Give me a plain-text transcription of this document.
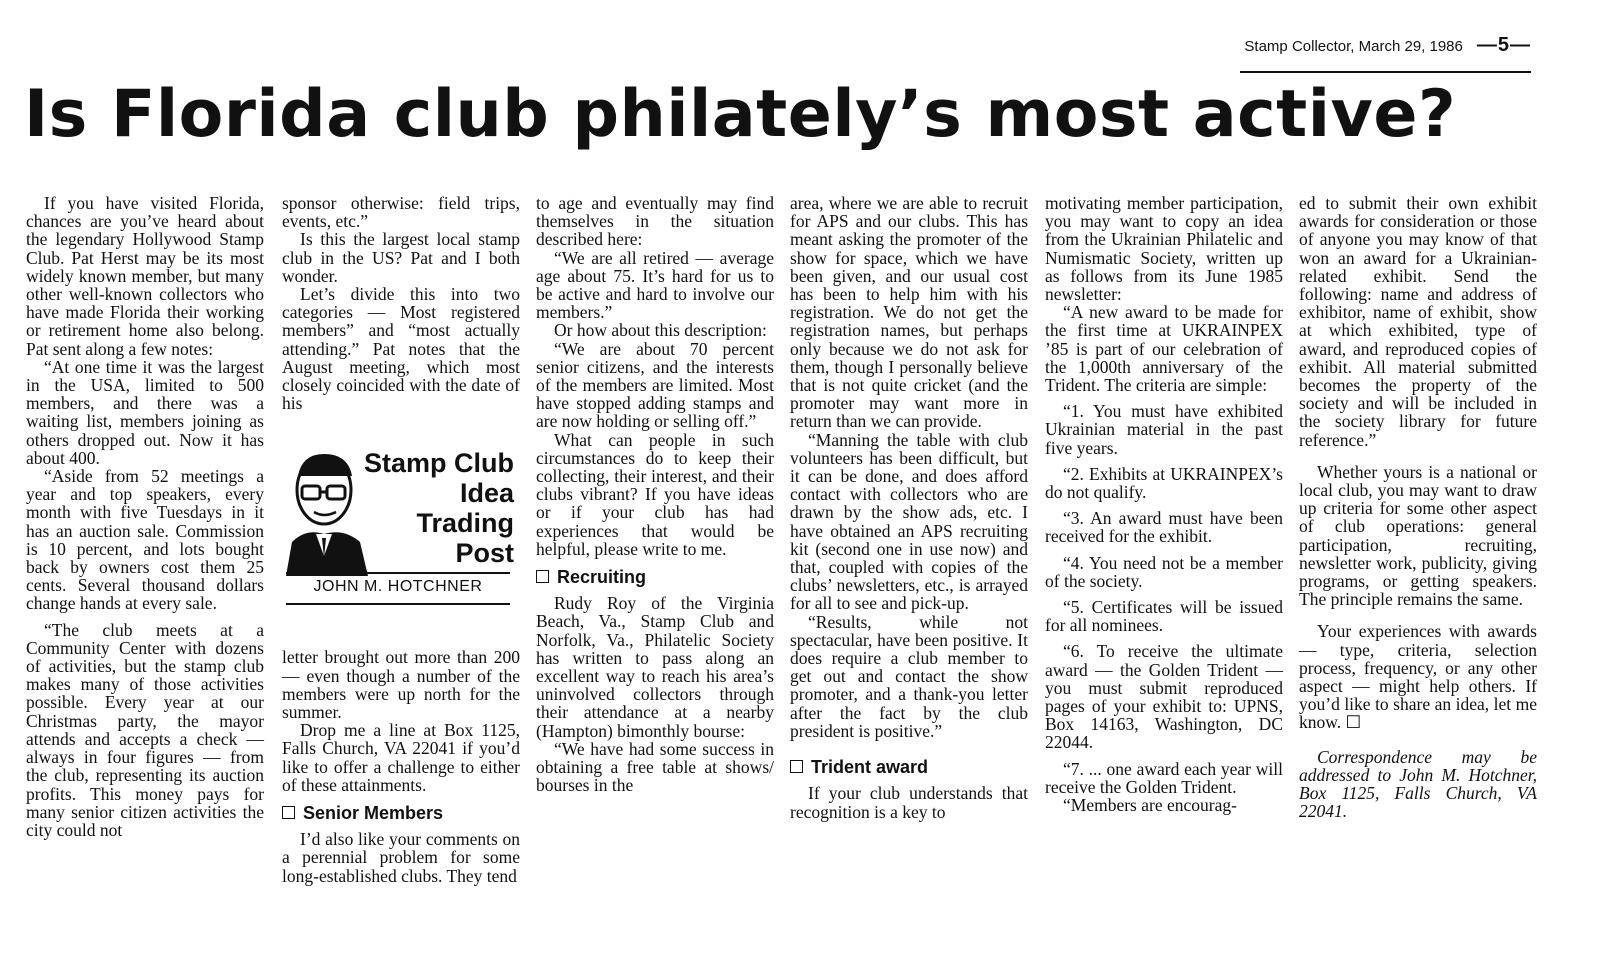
Stamp Collector, March 29, 1986 —5—
Is Florida club philately’s most active?

If you have visited Florida, chances are you’ve heard about the legendary Hollywood Stamp Club. Pat Herst may be its most widely known member, but many other well-known collectors who have made Florida their working or retirement home also belong. Pat sent along a few notes:

“At one time it was the largest in the USA, limited to 500 members, and there was a waiting list, members joining as others dropped out. Now it has about 400.

“Aside from 52 meetings a year and top speakers, every month with five Tuesdays in it has an auction sale. Commission is 10 percent, and lots bought back by owners cost them 25 cents. Several thousand dollars change hands at every sale.

“The club meets at a Community Center with dozens of activities, but the stamp club makes many of those activities possible. Every year at our Christmas party, the mayor attends and accepts a check — always in four figures — from the club, representing its auction profits. This money pays for many senior citizen activities the city could not

sponsor otherwise: field trips, events, etc.”

Is this the largest local stamp club in the US? Pat and I both wonder.

Let’s divide this into two categories — Most registered members” and “most actually attending.” Pat notes that the August meeting, which most closely coincided with the date of his

Stamp Club
Idea
Trading
Post
JOHN M. HOTCHNER

letter brought out more than 200 — even though a number of the members were up north for the summer.

Drop me a line at Box 1125, Falls Church, VA 22041 if you’d like to offer a challenge to either of these attainments.

Senior Members

I’d also like your comments on a perennial problem for some long-established clubs. They tend

to age and eventually may find themselves in the situation described here:

“We are all retired — average age about 75. It’s hard for us to be active and hard to involve our members.”

Or how about this description:

“We are about 70 percent senior citizens, and the interests of the members are limited. Most have stopped adding stamps and are now holding or selling off.”

What can people in such circumstances do to keep their collecting, their interest, and their clubs vibrant? If you have ideas or if your club has had experiences that would be helpful, please write to me.

Recruiting

Rudy Roy of the Virginia Beach, Va., Stamp Club and Norfolk, Va., Philatelic Society has written to pass along an excellent way to reach his area’s uninvolved collectors through their attendance at a nearby (Hampton) bimonthly bourse:

“We have had some success in obtaining a free table at shows/ bourses in the

area, where we are able to recruit for APS and our clubs. This has meant asking the promoter of the show for space, which we have been given, and our usual cost has been to help him with his registration. We do not get the registration names, but perhaps only because we do not ask for them, though I personally believe that is not quite cricket (and the promoter may want more in return than we can provide.

“Manning the table with club volunteers has been difficult, but it can be done, and does afford contact with collectors who are drawn by the show ads, etc. I have obtained an APS recruiting kit (second one in use now) and that, coupled with copies of the clubs’ newsletters, etc., is arrayed for all to see and pick-up.

“Results, while not spectacular, have been positive. It does require a club member to get out and contact the show promoter, and a thank-you letter after the fact by the club president is positive.”

Trident award

If your club understands that recognition is a key to

motivating member participation, you may want to copy an idea from the Ukrainian Philatelic and Numismatic Society, written up as follows from its June 1985 newsletter:

“A new award to be made for the first time at UKRAINPEX ’85 is part of our celebration of the 1,000th anniversary of the Trident. The criteria are simple:

“1. You must have exhibited Ukrainian material in the past five years.

“2. Exhibits at UKRAINPEX’s do not qualify.

“3. An award must have been received for the exhibit.

“4. You need not be a member of the society.

“5. Certificates will be issued for all nominees.

“6. To receive the ultimate award — the Golden Trident — you must submit reproduced pages of your exhibit to: UPNS, Box 14163, Washington, DC 22044.

“7. ... one award each year will receive the Golden Trident.

“Members are encourag-

ed to submit their own exhibit awards for consideration or those of anyone you may know of that won an award for a Ukrainian-related exhibit. Send the following: name and address of exhibitor, name of exhibit, show at which exhibited, type of award, and reproduced copies of exhibit. All material submitted becomes the property of the society and will be included in the society library for future reference.”

Whether yours is a national or local club, you may want to draw up criteria for some other aspect of club operations: general participation, recruiting, newsletter work, publicity, giving programs, or getting speakers. The principle remains the same.

Your experiences with awards — type, criteria, selection process, frequency, or any other aspect — might help others. If you’d like to share an idea, let me know. ☐

Correspondence may be addressed to John M. Hotchner, Box 1125, Falls Church, VA 22041.
